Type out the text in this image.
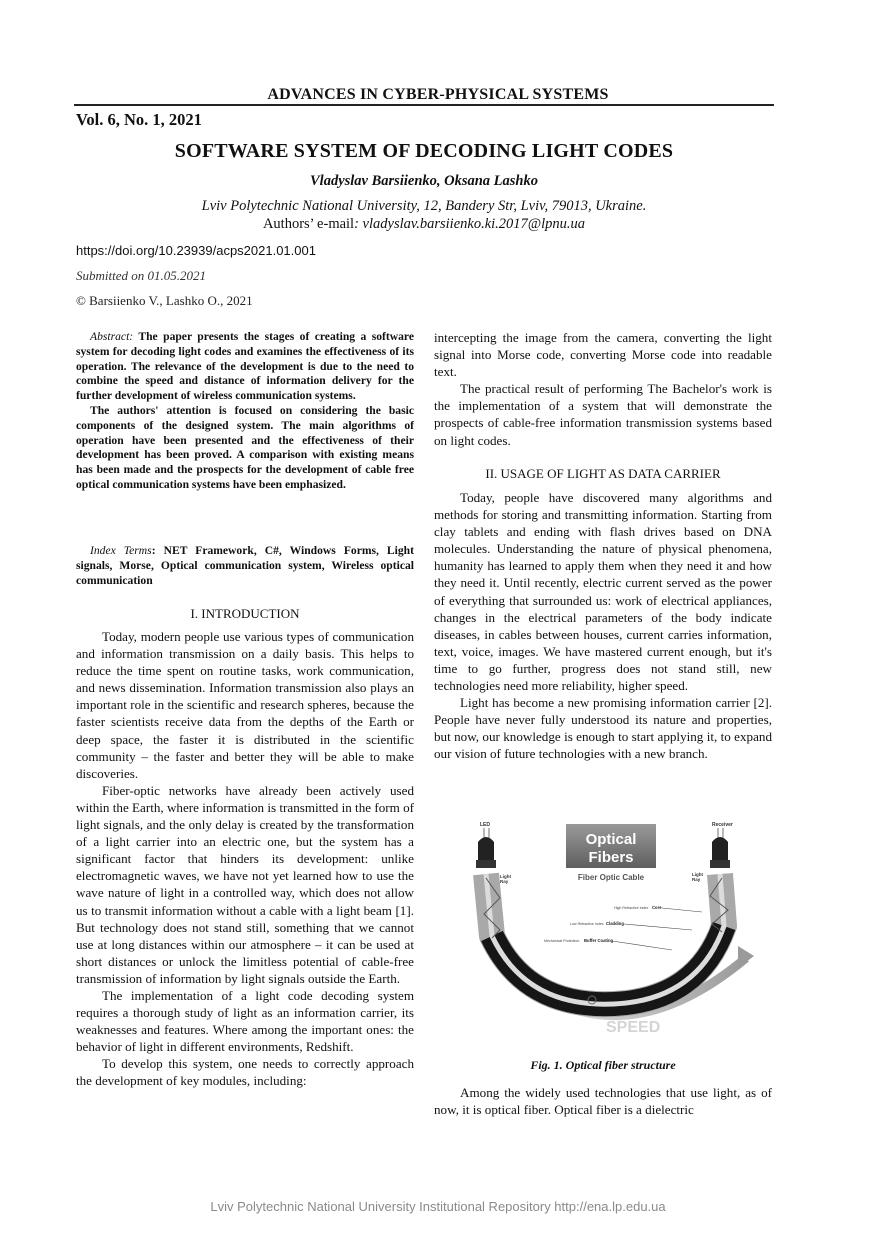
ADVANCES IN CYBER-PHYSICAL SYSTEMS
Vol. 6, No. 1, 2021
SOFTWARE SYSTEM OF DECODING LIGHT CODES
Vladyslav Barsiienko, Oksana Lashko
Lviv Polytechnic National University, 12, Bandery Str, Lviv, 79013, Ukraine.
Authors’ e-mail: vladyslav.barsiienko.ki.2017@lpnu.ua
https://doi.org/10.23939/acps2021.01.001
Submitted on 01.05.2021
© Barsiienko V., Lashko O., 2021

Abstract: The paper presents the stages of creating a software system for decoding light codes and examines the effectiveness of its operation. The relevance of the development is due to the need to combine the speed and distance of information delivery for the further development of wireless communication systems.

The authors' attention is focused on considering the basic components of the designed system. The main algorithms of operation have been presented and the effectiveness of their development has been proved. A comparison with existing means has been made and the prospects for the development of cable free optical communication systems have been emphasized.

Index Terms: NET Framework, C#, Windows Forms, Light signals, Morse, Optical communication system, Wireless optical communication
I. INTRODUCTION

Today, modern people use various types of communication and information transmission on a daily basis. This helps to reduce the time spent on routine tasks, work communication, and news dissemination. Information transmission also plays an important role in the scientific and research spheres, because the faster scientists receive data from the depths of the Earth or deep space, the faster it is distributed in the scientific community – the faster and better they will be able to make discoveries.

Fiber-optic networks have already been actively used within the Earth, where information is transmitted in the form of light signals, and the only delay is created by the transformation of a light carrier into an electric one, but the system has a significant factor that hinders its development: unlike electromagnetic waves, we have not yet learned how to use the wave nature of light in a controlled way, which does not allow us to transmit information without a cable with a light beam [1]. But technology does not stand still, something that we cannot use at long distances within our atmosphere – it can be used at short distances or unlock the limitless potential of cable-free transmission of information by light signals outside the Earth.

The implementation of a light code decoding system requires a thorough study of light as an information carrier, its weaknesses and features. Where among the important ones: the behavior of light in different environments, Redshift.

To develop this system, one needs to correctly approach the development of key modules, including:

intercepting the image from the camera, converting the light signal into Morse code, converting Morse code into readable text.

The practical result of performing The Bachelor's work is the implementation of a system that will demonstrate the prospects of cable-free information transmission systems based on light codes.

II. USAGE OF LIGHT AS DATA CARRIER

Today, people have discovered many algorithms and methods for storing and transmitting information. Starting from clay tablets and ending with flash drives based on DNA molecules. Understanding the nature of physical phenomena, humanity has learned to apply them when they need it and how they need it. Until recently, electric current served as the power of everything that surrounded us: work of electrical appliances, changes in the electrical parameters of the body indicate diseases, in cables between houses, current carries information, text, voice, images. We have mastered current enough, but it's time to go further, progress does not stand still, new technologies need more reliability, higher speed.

Light has become a new promising information carrier [2]. People have never fully understood its nature and properties, but now, our knowledge is enough to start applying it, to expand our vision of future technologies with a new branch.

SPEED
Optical
Fibers
Fiber Optic Cable
LED
Light
Ray
Receiver
Light
Ray
High Refractive Index Core
Low Refractive Index Cladding
Mechanical Protection Buffer Coating
Fig. 1. Optical fiber structure

Among the widely used technologies that use light, as of now, it is optical fiber. Optical fiber is a dielectric

Lviv Polytechnic National University Institutional Repository http://ena.lp.edu.ua
